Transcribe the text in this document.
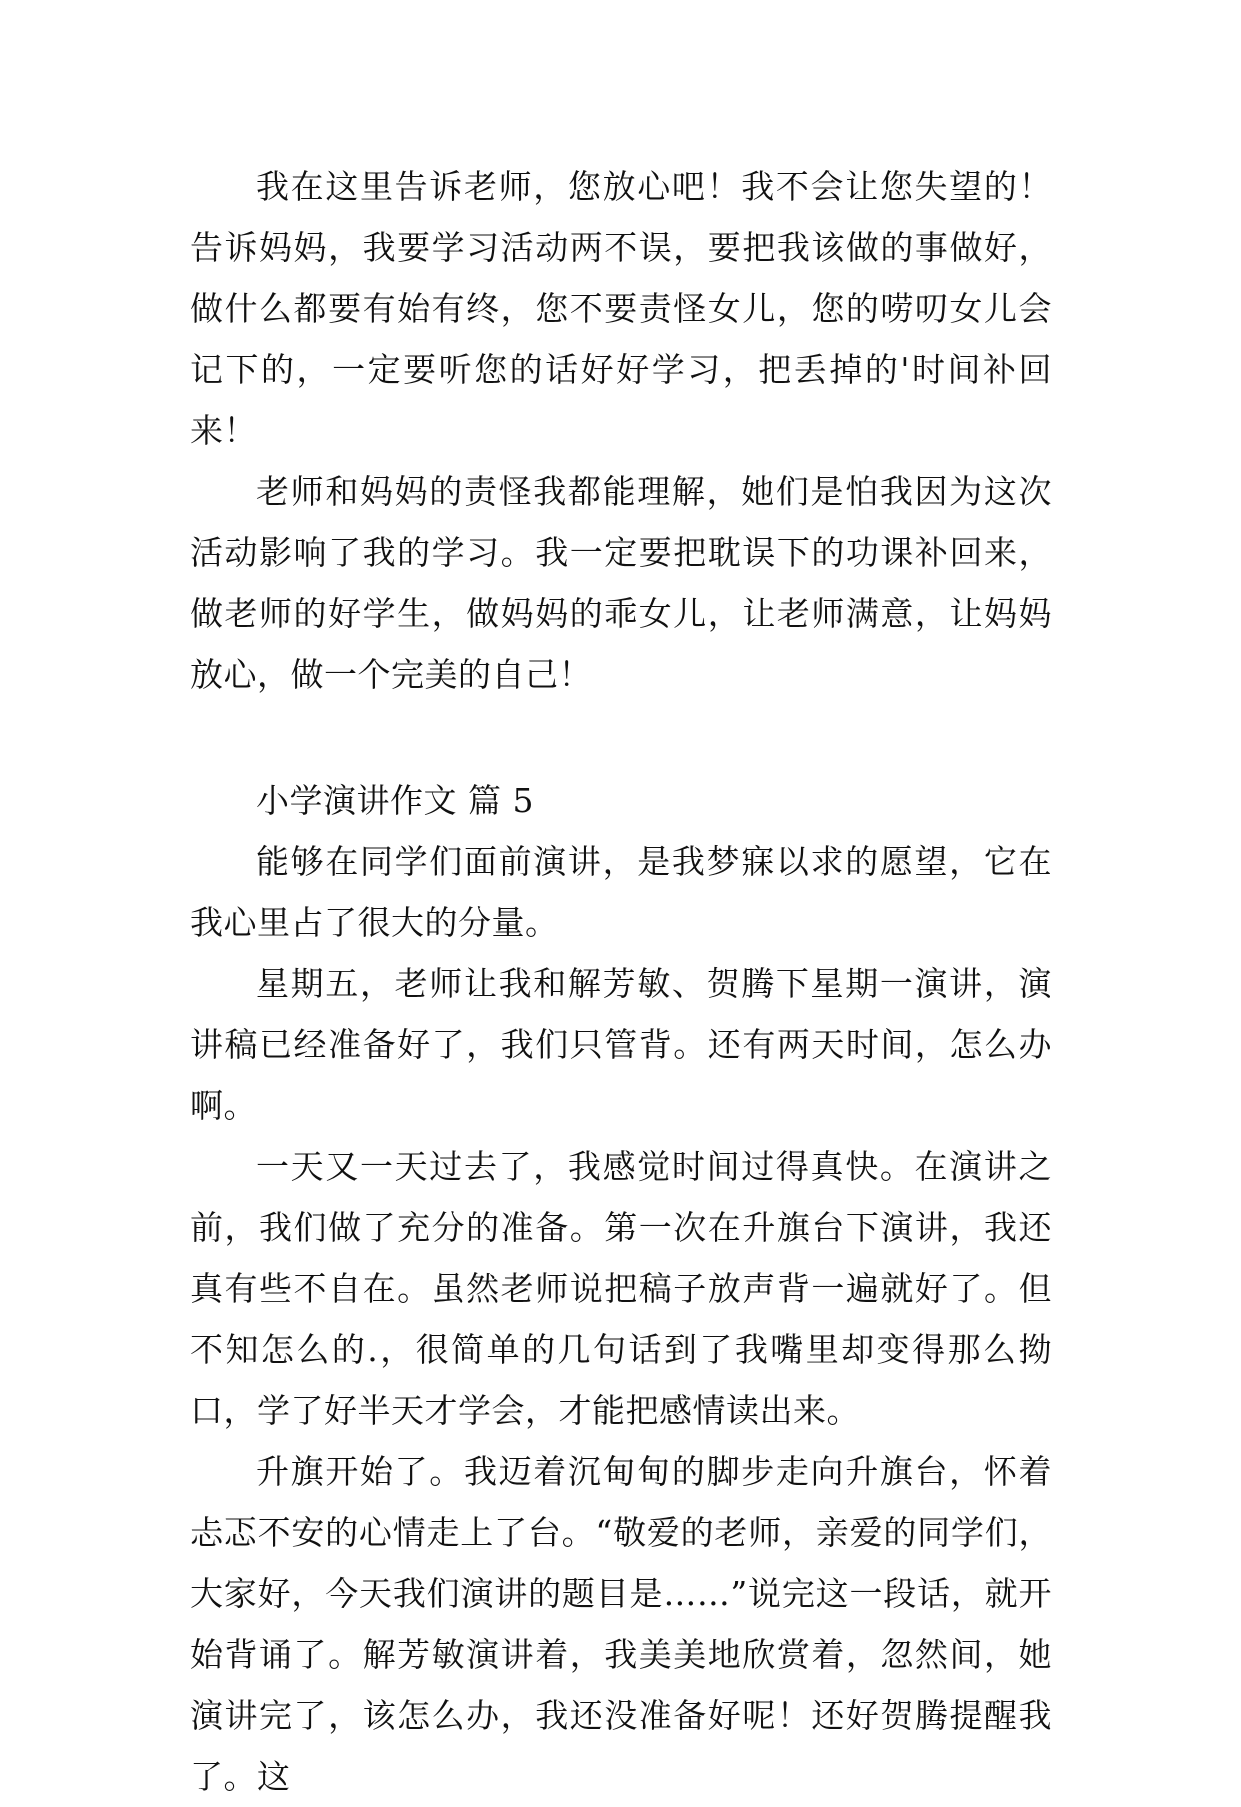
我在这里告诉老师，您放心吧！我不会让您失望的！告诉妈妈，我要学习活动两不误，要把我该做的事做好，做什么都要有始有终，您不要责怪女儿，您的唠叨女儿会记下的，一定要听您的话好好学习，把丢掉的'时间补回来！

老师和妈妈的责怪我都能理解，她们是怕我因为这次活动影响了我的学习。我一定要把耽误下的功课补回来，做老师的好学生，做妈妈的乖女儿，让老师满意，让妈妈放心，做一个完美的自己！

小学演讲作文 篇 5

能够在同学们面前演讲，是我梦寐以求的愿望，它在我心里占了很大的分量。

星期五，老师让我和解芳敏、贺腾下星期一演讲，演讲稿已经准备好了，我们只管背。还有两天时间，怎么办啊。

一天又一天过去了，我感觉时间过得真快。在演讲之前，我们做了充分的准备。第一次在升旗台下演讲，我还真有些不自在。虽然老师说把稿子放声背一遍就好了。但不知怎么的.，很简单的几句话到了我嘴里却变得那么拗口，学了好半天才学会，才能把感情读出来。

升旗开始了。我迈着沉甸甸的脚步走向升旗台，怀着忐忑不安的心情走上了台。“敬爱的老师，亲爱的同学们，大家好，今天我们演讲的题目是……”说完这一段话，就开始背诵了。解芳敏演讲着，我美美地欣赏着，忽然间，她演讲完了，该怎么办，我还没准备好呢！还好贺腾提醒我了。这
